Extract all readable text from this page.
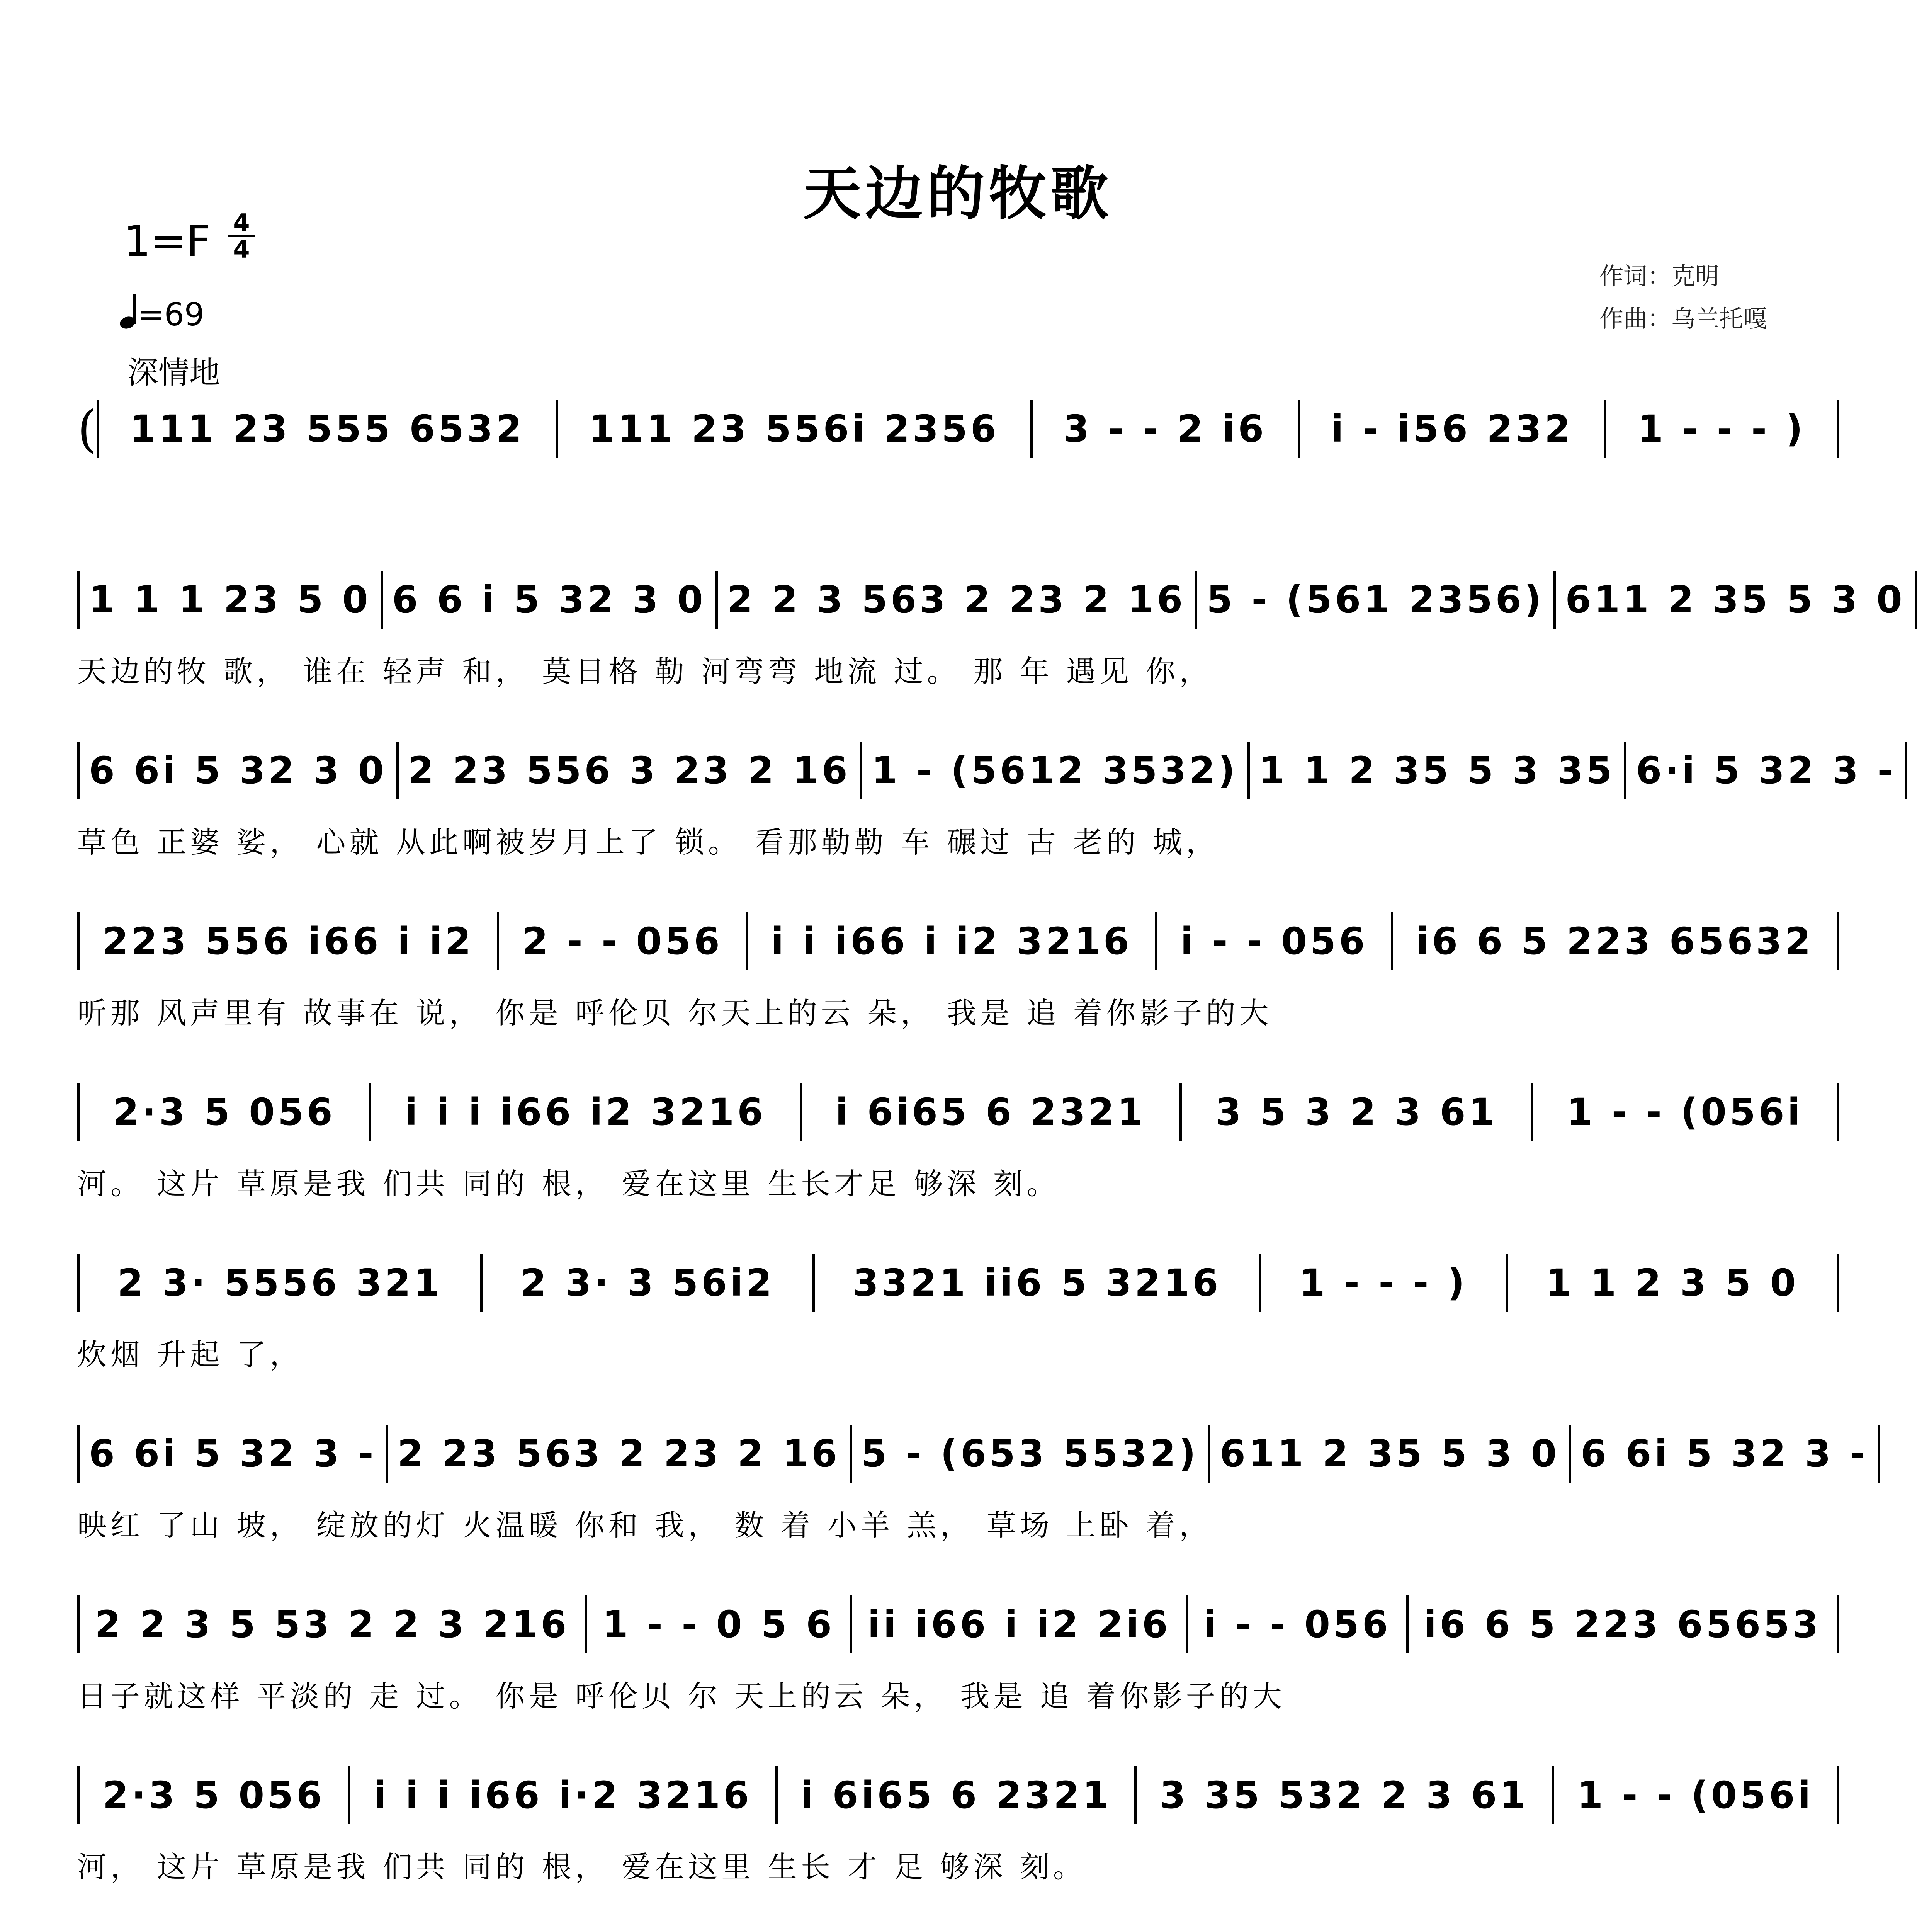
天边的牧歌
$1=F \frac{4}{4}$
=69
深情地
作词：克明
作曲：乌兰托嘎
( 111 23 555 6532	111 23 556i 2356	3 - - 2 i6	i - i56 232	1 - - - )
1 1 1 23 5 0 6 6 i 5 32 3 0 2 2 3 563 2 23 2 16 5 - (561 2356) 611 2 35 5 3 0
天边的牧 歌， 谁在 轻声 和， 莫日格 勒 河弯弯 地流 过。 那 年 遇见 你，
6 6i 5 32 3 0 2 23 556 3 23 2 16 1 - (5612 3532) 1 1 2 35 5 3 35 6·i 5 32 3 -
草色 正婆 娑， 心就 从此啊被岁月上了 锁。 看那勒勒 车 碾过 古 老的 城，
223 556 i66 i i2	2 - - 056	i i i66 i i2 3216	i - - 056	i6 6 5 223 65632
听那 风声里有 故事在 说， 你是 呼伦贝 尔天上的云 朵， 我是 追 着你影子的大
2·3 5 056	i i i i66 i2 3216	i 6i65 6 2321	3 5 3 2 3 61	1 - - (056i
河。 这片 草原是我 们共 同的 根， 爱在这里 生长才足 够深 刻。
2 3· 5556 321	2 3· 3 56i2	3321 ii6 5 3216	1 - - - )	1 1 2 3 5 0
炊烟 升起 了，
6 6i 5 32 3 - 2 23 563 2 23 2 16 5 - (653 5532) 611 2 35 5 3 0 6 6i 5 32 3 -
映红 了山 坡， 绽放的灯 火温暖 你和 我， 数 着 小羊 羔， 草场 上卧 着，
2 2 3 5 53 2 2 3 216 1 - - 0 5 6 ii i66 i i2 2i6 i - - 056 i6 6 5 223 65653
日子就这样 平淡的 走 过。 你是 呼伦贝 尔 天上的云 朵， 我是 追 着你影子的大
2·3 5 056	i i i i66 i·2 3216	i 6i65 6 2321	3 35 532 2 3 61	1 - - (056i
河， 这片 草原是我 们共 同的 根， 爱在这里 生长 才 足 够深 刻。
